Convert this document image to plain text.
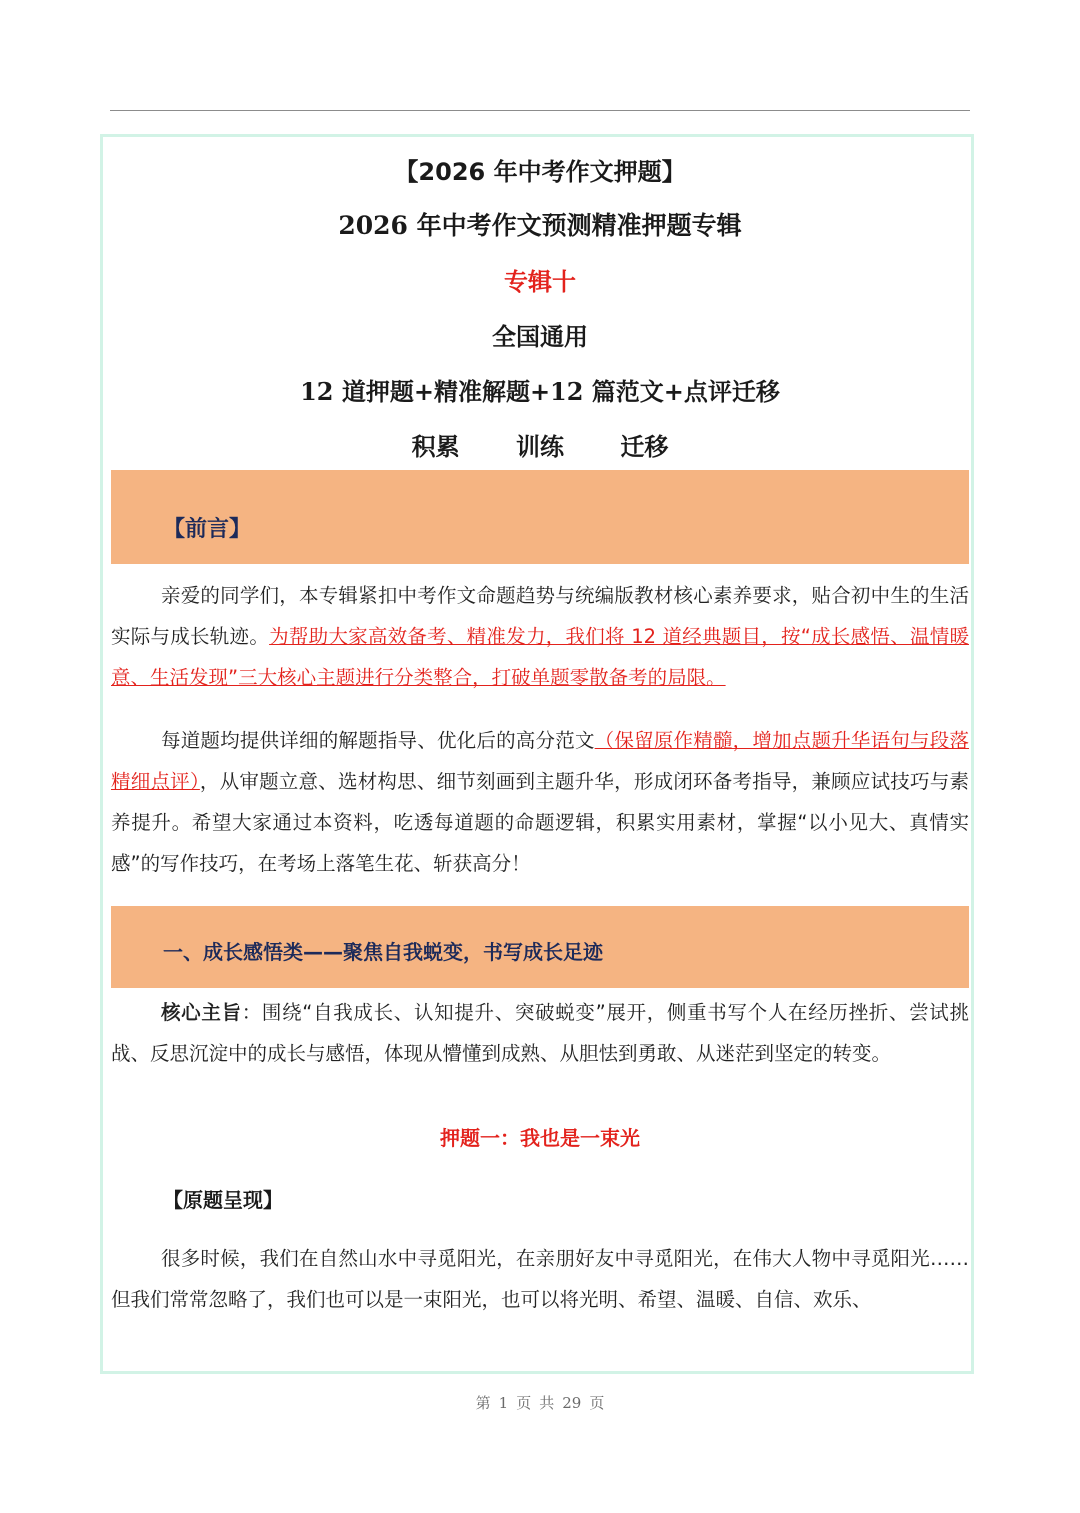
【2026 年中考作文押题】
2026 年中考作文预测精准押题专辑
专辑十
全国通用
12 道押题+精准解题+12 篇范文+点评迁移
积累 训练 迁移
【前言】
亲爱的同学们，本专辑紧扣中考作文命题趋势与统编版教材核心素养要求，贴合初中生的生活实际与成长轨迹。为帮助大家高效备考、精准发力，我们将 12 道经典题目，按“成长感悟、温情暖意、生活发现”三大核心主题进行分类整合，打破单题零散备考的局限。
每道题均提供详细的解题指导、优化后的高分范文（保留原作精髓，增加点题升华语句与段落精细点评），从审题立意、选材构思、细节刻画到主题升华，形成闭环备考指导，兼顾应试技巧与素养提升。希望大家通过本资料，吃透每道题的命题逻辑，积累实用素材，掌握“以小见大、真情实感”的写作技巧，在考场上落笔生花、斩获高分！
一、成长感悟类——聚焦自我蜕变，书写成长足迹
核心主旨：围绕“自我成长、认知提升、突破蜕变”展开，侧重书写个人在经历挫折、尝试挑战、反思沉淀中的成长与感悟，体现从懵懂到成熟、从胆怯到勇敢、从迷茫到坚定的转变。
押题一：我也是一束光
【原题呈现】
很多时候，我们在自然山水中寻觅阳光，在亲朋好友中寻觅阳光，在伟大人物中寻觅阳光……但我们常常忽略了，我们也可以是一束阳光，也可以将光明、希望、温暖、自信、欢乐、
第 1 页 共 29 页
